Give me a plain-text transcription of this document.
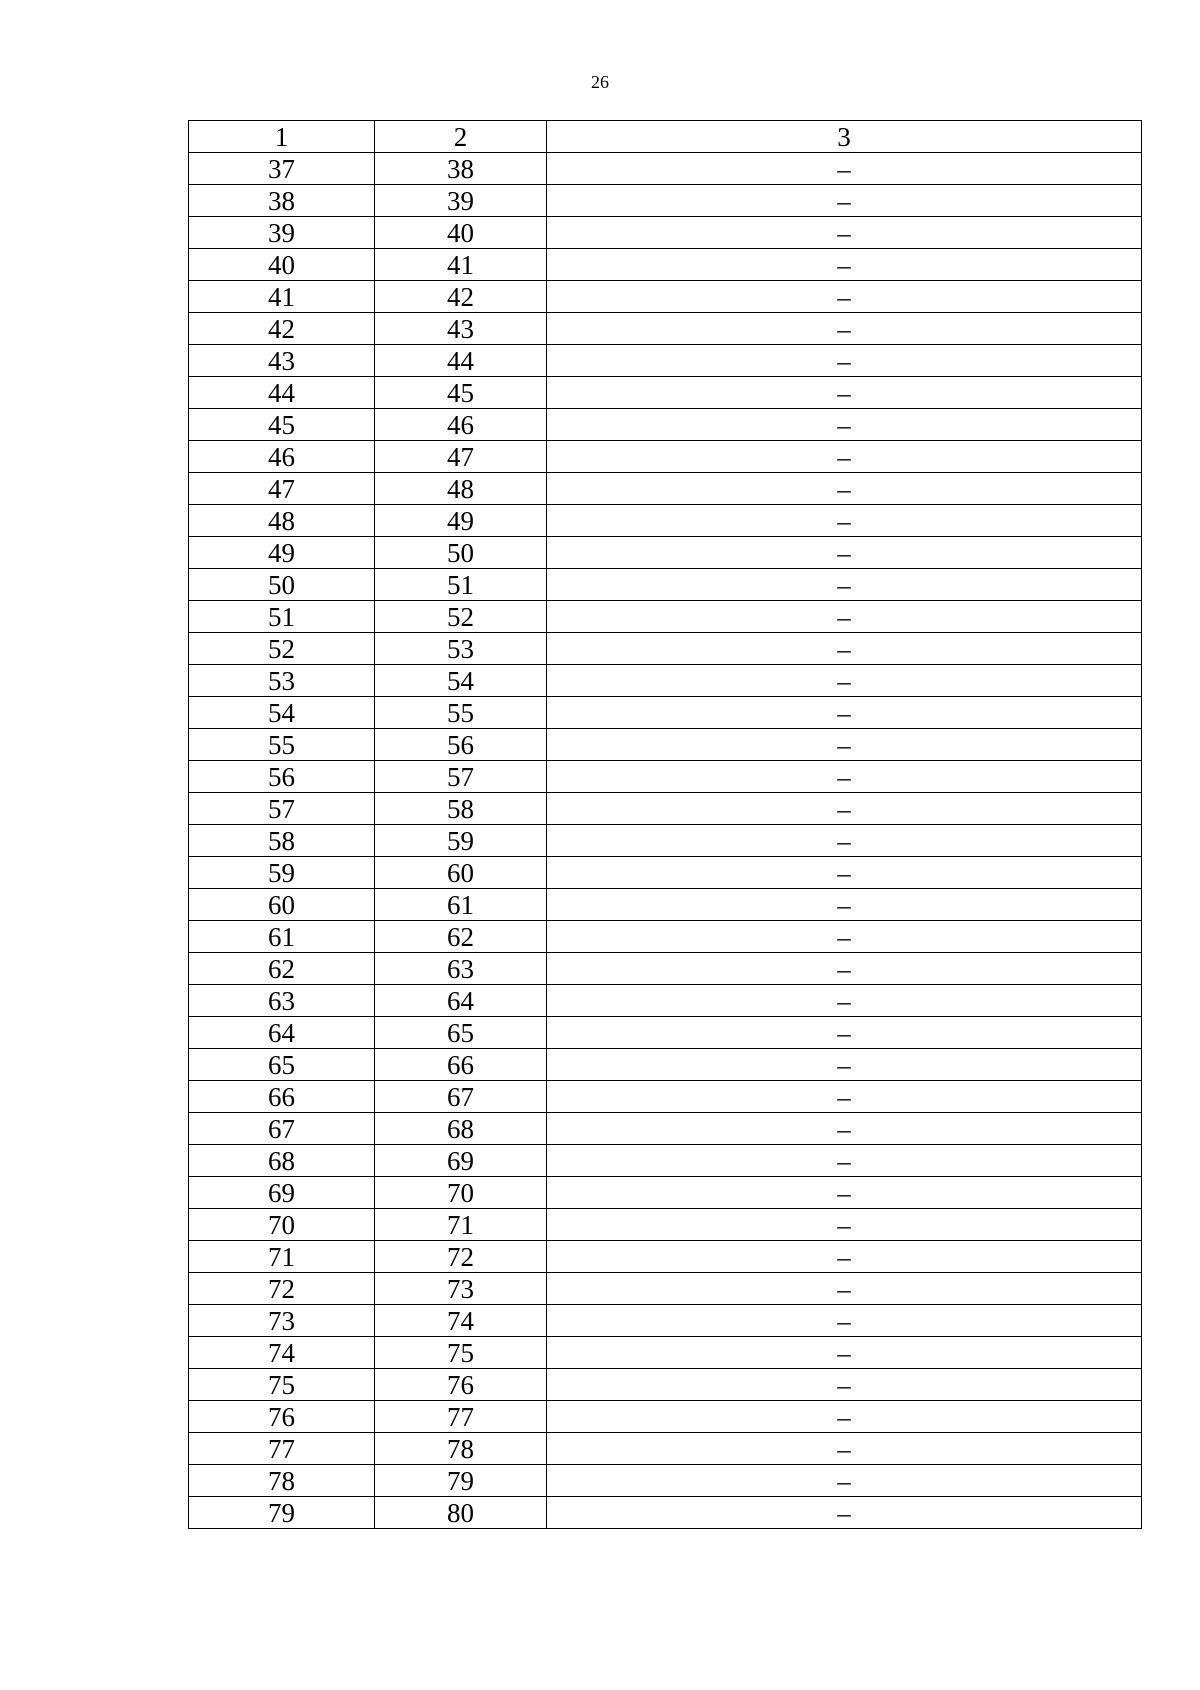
26
1	2	3
37	38	–
38	39	–
39	40	–
40	41	–
41	42	–
42	43	–
43	44	–
44	45	–
45	46	–
46	47	–
47	48	–
48	49	–
49	50	–
50	51	–
51	52	–
52	53	–
53	54	–
54	55	–
55	56	–
56	57	–
57	58	–
58	59	–
59	60	–
60	61	–
61	62	–
62	63	–
63	64	–
64	65	–
65	66	–
66	67	–
67	68	–
68	69	–
69	70	–
70	71	–
71	72	–
72	73	–
73	74	–
74	75	–
75	76	–
76	77	–
77	78	–
78	79	–
79	80	–
